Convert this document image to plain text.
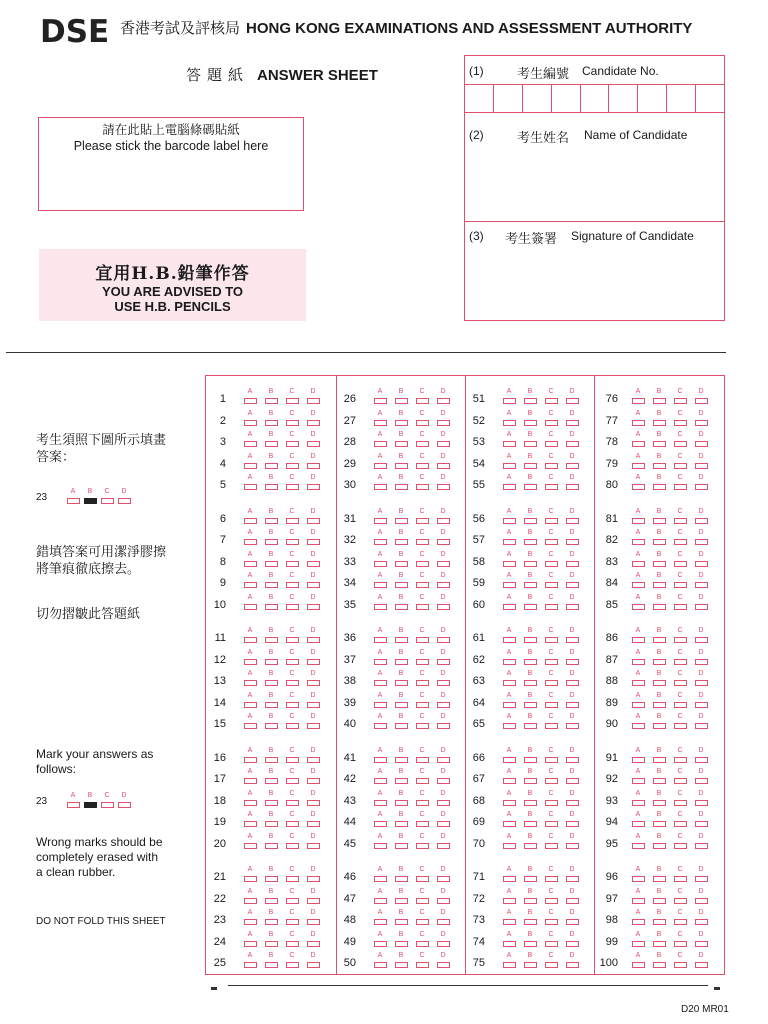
DSE 香港考試及評核局 HONG KONG EXAMINATIONS AND ASSESSMENT AUTHORITY
答題紙 ANSWER SHEET
請在此貼上電腦條碼貼紙
Please stick the barcode label here
宜用H.B.鉛筆作答
YOU ARE ADVISED TO
USE H.B. PENCILS
(1)	考生編號 Candidate No.
(2)	考生姓名 Name of Candidate
(3) 考生簽署 Signature of Candidate
考生須照下圖所示填畫
答案：
23
A	B	C	D
錯填答案可用潔淨膠擦
將筆痕徹底擦去。
切勿摺皺此答題紙
Mark your answers as
follows:
23
A	B	C	D
Wrong marks should be
completely erased with
a clean rubber.
DO NOT FOLD THIS SHEET
1
A	B	C	D
2
A	B	C	D
3
A	B	C	D
4
A	B	C	D
5
A	B	C	D
6
A	B	C	D
7
A	B	C	D
8
A	B	C	D
9
A	B	C	D
10
A	B	C	D
11
A	B	C	D
12
A	B	C	D
13
A	B	C	D
14
A	B	C	D
15
A	B	C	D
16
A	B	C	D
17
A	B	C	D
18
A	B	C	D
19
A	B	C	D
20
A	B	C	D
21
A	B	C	D
22
A	B	C	D
23
A	B	C	D
24
A	B	C	D
25
A	B	C	D
26
A	B	C	D
27
A	B	C	D
28
A	B	C	D
29
A	B	C	D
30
A	B	C	D
31
A	B	C	D
32
A	B	C	D
33
A	B	C	D
34
A	B	C	D
35
A	B	C	D
36
A	B	C	D
37
A	B	C	D
38
A	B	C	D
39
A	B	C	D
40
A	B	C	D
41
A	B	C	D
42
A	B	C	D
43
A	B	C	D
44
A	B	C	D
45
A	B	C	D
46
A	B	C	D
47
A	B	C	D
48
A	B	C	D
49
A	B	C	D
50
A	B	C	D
51
A	B	C	D
52
A	B	C	D
53
A	B	C	D
54
A	B	C	D
55
A	B	C	D
56
A	B	C	D
57
A	B	C	D
58
A	B	C	D
59
A	B	C	D
60
A	B	C	D
61
A	B	C	D
62
A	B	C	D
63
A	B	C	D
64
A	B	C	D
65
A	B	C	D
66
A	B	C	D
67
A	B	C	D
68
A	B	C	D
69
A	B	C	D
70
A	B	C	D
71
A	B	C	D
72
A	B	C	D
73
A	B	C	D
74
A	B	C	D
75
A	B	C	D
76
A	B	C	D
77
A	B	C	D
78
A	B	C	D
79
A	B	C	D
80
A	B	C	D
81
A	B	C	D
82
A	B	C	D
83
A	B	C	D
84
A	B	C	D
85
A	B	C	D
86
A	B	C	D
87
A	B	C	D
88
A	B	C	D
89
A	B	C	D
90
A	B	C	D
91
A	B	C	D
92
A	B	C	D
93
A	B	C	D
94
A	B	C	D
95
A	B	C	D
96
A	B	C	D
97
A	B	C	D
98
A	B	C	D
99
A	B	C	D
100
A	B	C	D
D20 MR01
